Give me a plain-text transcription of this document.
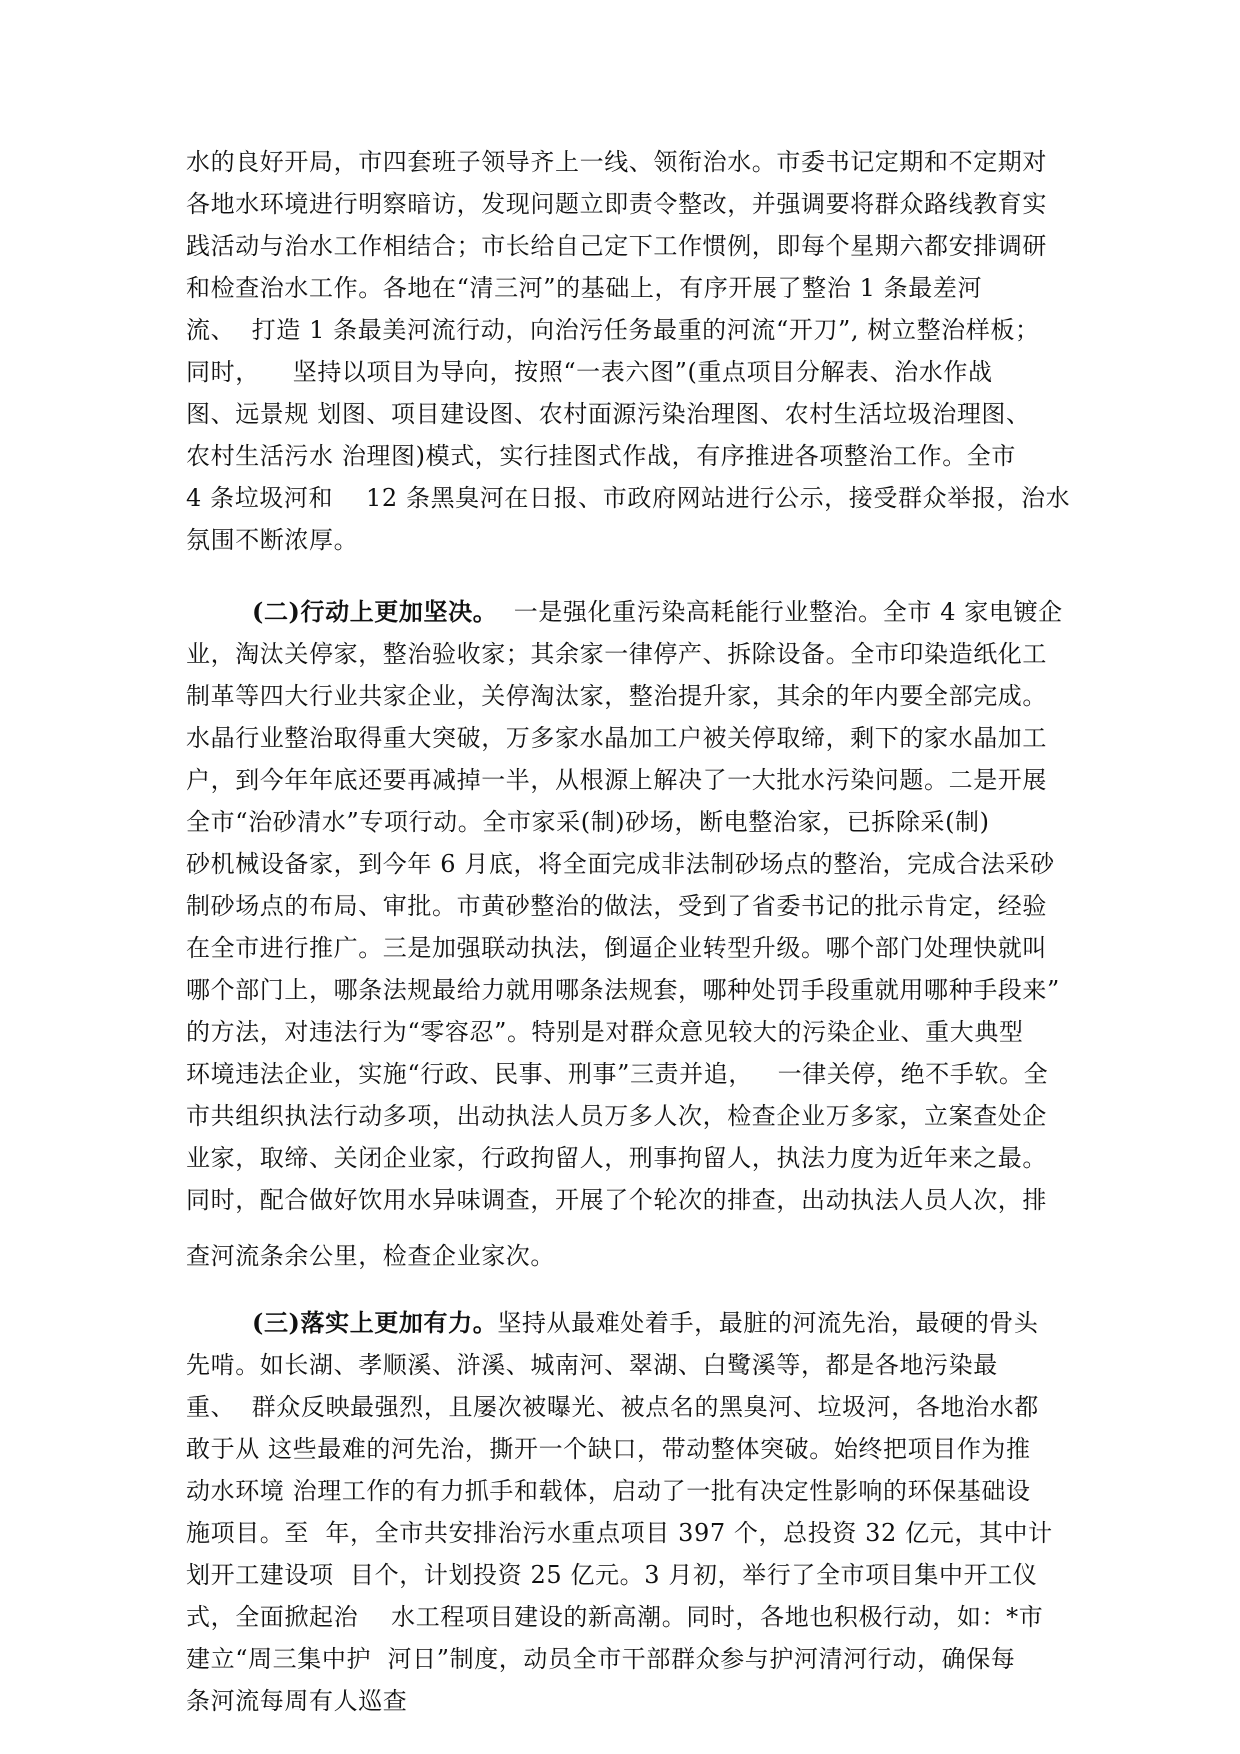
水的良好开局，市四套班子领导齐上一线、领衔治水。市委书记定期和不定期对
各地水环境进行明察暗访，发现问题立即责令整改，并强调要将群众路线教育实
践活动与治水工作相结合；市长给自己定下工作惯例，即每个星期六都安排调研
和检查治水工作。各地在“清三河”的基础上，有序开展了整治 1 条最差河
流、  打造 1 条最美河流行动，向治污任务最重的河流“开刀”, 树立整治样板；
同时，    坚持以项目为导向，按照“一表六图”(重点项目分解表、治水作战
图、远景规 划图、项目建设图、农村面源污染治理图、农村生活垃圾治理图、
农村生活污水 治理图)模式，实行挂图式作战，有序推进各项整治工作。全市
4 条垃圾河和    12 条黑臭河在日报、市政府网站进行公示，接受群众举报，治水
氛围不断浓厚。
(二)行动上更加坚决。  一是强化重污染高耗能行业整治。全市 4 家电镀企
业，淘汰关停家，整治验收家；其余家一律停产、拆除设备。全市印染造纸化工
制革等四大行业共家企业，关停淘汰家，整治提升家，其余的年内要全部完成。
水晶行业整治取得重大突破，万多家水晶加工户被关停取缔，剩下的家水晶加工
户，到今年年底还要再减掉一半，从根源上解决了一大批水污染问题。二是开展
全市“治砂清水”专项行动。全市家采(制)砂场，断电整治家，已拆除采(制)
砂机械设备家，到今年 6 月底，将全面完成非法制砂场点的整治，完成合法采砂
制砂场点的布局、审批。市黄砂整治的做法，受到了省委书记的批示肯定，经验
在全市进行推广。三是加强联动执法，倒逼企业转型升级。哪个部门处理快就叫
哪个部门上，哪条法规最给力就用哪条法规套，哪种处罚手段重就用哪种手段来”
的方法，对违法行为“零容忍”。特别是对群众意见较大的污染企业、重大典型
环境违法企业，实施“行政、民事、刑事”三责并追，   一律关停，绝不手软。全
市共组织执法行动多项，出动执法人员万多人次，检查企业万多家，立案查处企
业家，取缔、关闭企业家，行政拘留人，刑事拘留人，执法力度为近年来之最。
同时，配合做好饮用水异味调查，开展了个轮次的排查，出动执法人员人次，排
查河流条余公里，检查企业家次。
(三)落实上更加有力。坚持从最难处着手，最脏的河流先治，最硬的骨头
先啃。如长湖、孝顺溪、浒溪、城南河、翠湖、白鹭溪等，都是各地污染最
重、  群众反映最强烈，且屡次被曝光、被点名的黑臭河、垃圾河，各地治水都
敢于从 这些最难的河先治，撕开一个缺口，带动整体突破。始终把项目作为推
动水环境 治理工作的有力抓手和载体，启动了一批有决定性影响的环保基础设
施项目。至  年，全市共安排治污水重点项目 397 个，总投资 32 亿元，其中计
划开工建设项  目个，计划投资 25 亿元。3 月初，举行了全市项目集中开工仪
式，全面掀起治    水工程项目建设的新高潮。同时，各地也积极行动，如：*市
建立“周三集中护  河日”制度，动员全市干部群众参与护河清河行动，确保每
条河流每周有人巡查
